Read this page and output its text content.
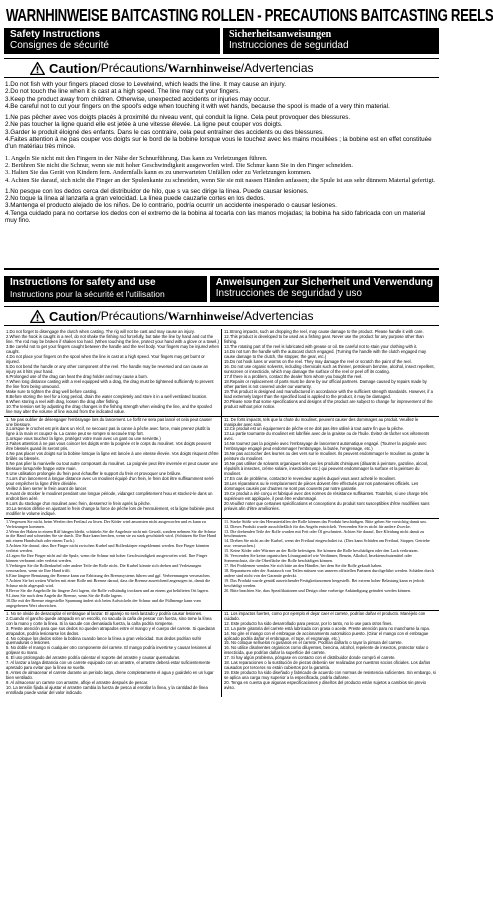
WARNHINWEISE BAITCASTING ROLLEN - PRECAUTIONS BAITCASTING REELS
Safety Instructions
Consignes de sécurité
Sicherheitsanweisungen
Instrucciones de seguridad
Caution / Précautions / Warnhinweise / Advertencias

1.Do not fish with your fingers placed close to Levelwind, which leads the line. It may cause an injury.

2.Do not touch the line when it is cast at a high speed. The line may cut your fingers.

3.Keep the product away from children. Otherwise, unexpected accidents or injuries may occur.

4.Be careful not to cut your fingers on the spool's edge when touching it with wet hands, because the spool is made of a very thin material.

1.Ne pas pêcher avec vos doigts placés à proximité du niveau vent, qui conduit la ligne. Cela peut provoquer des blessures.

2.Ne pas toucher la ligne quand elle est jetée à une vitesse élevée. La ligne peut couper vos doigts.

3.Garder le produit éloigné des enfants. Dans le cas contraire, cela peut entraîner des accidents ou des blessures.

4.Faites attention à ne pas couper vos doigts sur le bord de la bobine lorsque vous le touchez avec les mains mouillées ; la bobine est en effet constituée d'un matériau très mince.

1. Angeln Sie nicht mit den Fingern in der Nähe der Schnurführung. Das kann zu Verletzungen führen.

2. Berühren Sie nicht die Schnur, wenn sie mit hoher Geschwindigkeit ausgeworfen wird. Die Schnur kann Sie in den Finger schneiden.

3. Halten Sie das Gerät von Kindern fern. Andernfalls kann es zu unerwarteten Unfällen oder zu Verletzungen kommen.

4. Achten Sie darauf, sich nicht die Finger an der Spulenkante zu schneiden, wenn Sie sie mit nassen Händen anfassen; die Spule ist aus sehr dünnem Material gefertigt.

1.No pesque con los dedos cerca del distribuidor de hilo, que s va sec dirige la línea. Puede causar lesiones.

2.No toque la línea al lanzarla a gran velocidad. La línea puede cauzarle cortes en los dedos.

3.Mantenga el producto alejado de los niños. De lo contrario, podría ocurrir un accidente inesperado o causar lesiones.

4.Tenga cuidado para no cortarse los dedos con el extremo de la bobina al tocarla con las manos mojadas; la bobina ha sido fabricada con un material muy fino.

Instructions for safety and use
Instructions pour la sécurité et l'utilisation
Anweisungen zur Sicherheit und Verwendung
Instrucciones de seguridad y uso
Caution / Précautions / Warnhinweise / Advertencias

1.Do not forget to disengage the clutch when casting. The rig will not be cast and may cause an injury.

2.When the hook is caught in a reef, do not shake the fishing rod forcefully, but take the line by hand and cut the line. The rod may be broken if shaken too hard. (When touching the line, protect your hand with a glove or a towel.)

3.Be careful not to get your fingers caught between the handle and the reel body. Your fingers may be injured when caught.

4.Do not place your fingers on the spool when the line is cast at a high speed. Your fingers may get burnt or injured.

5.Do not bend the handle or any other component of the reel. The handle may be reversed and can cause an injury as it hits your hand.

6.Prolonged use of the drag can heat the drag holder and may cause a burn.

7.When long distance casting with a reel equipped with a drag, the drag must be tightened sufficiently to prevent the line from being unwound.

Make sure to tighten the drag well before casting.

8.Before storing the reel for a long period, drain the water completely and store it in a well ventilated location.

9.When storing a reel with drag, loosen the drag after fishing.

10.The tension set by adjusting the drag changes in the fishing strength when winding the line, and the spooled line may alter the volume of line wound from the indicated value.

11.Strong impacts, such as dropping the reel, may cause damage to the product. Please handle it with care.

12.This product is developed to be used as a fishing gear. Never use the product for any purpose other than fishing.

13.The rotating part of the reel is lubricated with grease or oil. Be careful not to stain your clothing with it.

14.Do not turn the handle with the autocast clutch engaged. (Turning the handle with the clutch engaged may cause damage to the clutch, the stopper, the gear, etc.)

15.Do not hook lures or worms on the reel. They may damage the reel or scratch the paint of the reel.

16. Do not use organic solvents, including chemicals such as thinner, petroleum benzine, alcohol, insect repellent, sunscreen or insecticide, which may damage the surface of the reel or peel off its coating.

17.If there is a problem, contact the dealer from whom you bought the reel.

18.Repairs or replacement of parts must be done by our official partners. Damage caused by repairs made by other parties is not covered under our warranty.

19.This product is designed and manufactured in accordance with the sufficient strength standards. However, if a load extremely larger than the specified load is applied to the product, it may be damaged.

20.Please note that some specifications and designs of the product are subject to change for improvement of the product without prior notice.

1. Ne pas oublier de désengager l'embrayage lors du lancement. Le forfit ne sera pas lancé et cela peut causer une blessure.

2.Lorsque le crochet est pris dans un récif, ne secouez pas la canne à pêche avec force, mais prenez plutôt la ligne à la main et coupez-la. La canne peut se rompre si secouée trop fort.

(Lorsque vous touchez la ligne, protégez votre main avec un gant ou une serviette.)

3.Faites attention à ne pas vous coincer les doigts entre la poignée et le corps du moulinet. Vos doigts peuvent être blessés quand ils seront pris.

4.Ne pas placer vos doigts sur la bobine lorsque la ligne est lancée à une vitesse élevée. Vos doigts risquent d'être brûlés ou blessés.

5.Ne pas plier la manivelle ou tout autre composant du moulinet. La poignée peut être inversée et peut causer une blessure lorsqu'elle frappe votre main.

6.Une utilisation prolongée du frein peut échauffer le support du frein et provoquer une brûlure.

7.Lors d'un lancement à longue distance avec un moulinet équipé d'un frein, le frein doit être suffisamment serré pour empêcher la ligne d'être dévidée.

Veillez à bien serrer le frein avant de lancer.

8.Avant de stocker le moulinet pendant une longue période, vidangez complètement l'eau et stockez-le dans un endroit bien aéré.

9.Lors du stockage d'un moulinet avec frein, desserrez le frein après la pêche.

10.La tension définie en ajustant le frein change la force de pêche lors de l'enroulement, et la ligne bobinée peut modifier le volume indiqué.

11. De forts impacts, tels que la chute du moulinet, peuvent causer des dommages au produit. Veuillez le manipuler avec soin.

12.Ce produit est un équipement de pêche et ne doit pas être utilisé à tout autre fin que la pêche.

13.La partie tournante du moulinet est lubrifiée avec de la graisse ou de l'huile. Évitez de tâcher vos vêtements avec.

14.Ne tournez pas la poignée avec l'embrayage de lancement automatique engagé. (Tourner la poignée avec l'embrayage engagé peut endommager l'embrayage, la butée, l'engrenage, etc.)

15.Ne pas accrocher des leurres ou des vers sur le moulinet. Ils peuvent endommager le moulinet ou gratter la peinture du moulinet.

16.Ne pas utiliser de solvants organiques tels que les produits chimiques (diluants à peinture, gazoline, alcool, répulsifs à insectes, crème solaire, insecticides etc.) qui peuvent endommager la surface et la peinture du moulinet.

17.En cas de problème, contactez le revendeur auprès duquel vous avez acheté le moulinet.

18.Les réparations ou le remplacement de pièces doivent être effectués par nos partenaires officiels. Les dommages causés par d'autres ne sont pas couverts par notre garantie.

19.Ce produit a été conçu et fabriqué avec des normes de résistance suffisantes. Toutefois, si une charge très supérieure est appliquée, il peut être endommagé.

20.Veuillez noter que certaines spécifications et conceptions du produit sont susceptibles d'être modifiées sans préavis afin d'être améliorées.

1.Vergessen Sie nicht, beim Werfen den Freilauf zu lösen. Der Köder wird ansonsten nicht ausgeworfen und es kann zu Verletzungen kommen.

2.Wenn der Haken in einem Riff hängen bleibt, schütteln Sie die Angelrute nicht mit Gewalt, sondern nehmen Sie die Schnur in die Hand und schneiden Sie sie durch. Die Rute kann brechen, wenn sie zu stark geschüttelt wird. (Schützen Sie Ihre Hand mit einem Handschuh oder einem Tuch.)

3.Achten Sie darauf, dass Ihre Finger nicht zwischen Kurbel und Rollenkörper eingeklemmt werden. Ihre Finger könnten verletzt werden.

4.Legen Sie Ihre Finger nicht auf die Spule, wenn die Schnur mit hoher Geschwindigkeit ausgeworfen wird. Ihre Finger können verbrannt oder verletzt werden.

5.Verbiegen Sie die Rollenkurbel oder andere Teile der Rolle nicht. Die Kurbel könnte sich drehen und Verletzungen verursachen, wenn sie Ihre Hand trifft.

6.Eine längere Benutzung der Bremse kann zur Erhitzung des Bremssystems führen und ggf. Verbrennungen verursachen.

7.Achten Sie bei weiten Würfen mit einer Rolle mit Bremse darauf, dass die Bremse ausreichend angezogen ist, damit die Schnur nicht abgespult wird.

8.Bevor Sie die Angelrolle für längere Zeit lagern, die Rolle vollständig trocknen und an einem gut belüfteten Ort lagern.

9.Lösen Sie nach dem Angeln die Bremse, wenn Sie die Rolle lagern.

10.Die mit der Bremse eingestellte Spannung ändert sich beim Aufwickeln der Schnur und die Füllmenge kann vom angegebenen Wert abweichen.

11. Starke Stöße wie das Herunterfallen der Rolle können das Produkt beschädigen. Bitte gehen Sie vorsichtig damit um.

12. Dieses Produkt wurde ausschließlich für das Angeln entwickelt. Verwenden Sie es nicht für andere Zwecke.

13. Die drehenden Teile der Rolle wurden mit Fett oder Öl geschmiert. Achten Sie darauf, Ihre Kleidung nicht damit zu beschmutzen.

14. Drehen Sie nicht an der Kurbel, wenn der Freilauf eingeschaltet ist. (Dies kann Schäden am Freilauf, Stopper, Getriebe usw. verursachen.)

15. Keine Köder oder Würmer an der Rolle befestigen. Sie können die Rolle beschädigen oder den Lack verkratzen.

16. Verwenden Sie keine organischen Lösungsmittel wie Verdünner, Benzin, Alkohol, Insektenschutzmittel oder Sonnenschutz, die die Oberfläche der Rolle beschädigen können.

17. Bei Problemen wenden Sie sich bitte an den Händler, bei dem Sie die Rolle gekauft haben.

18. Reparaturen oder der Austausch von Teilen müssen von unseren offiziellen Partnern durchgeführt werden. Schäden durch andere sind nicht von der Garantie gedeckt.

19. Das Produkt wurde gemäß ausreichender Festigkeitsnormen hergestellt. Bei extrem hoher Belastung kann es jedoch beschädigt werden.

20. Bitte beachten Sie, dass Spezifikationen und Design ohne vorherige Ankündigung geändert werden können.

1. No se olvide de desacoplar el embrague al lanzar. El aparejo no será lanzado y podría causar lesiones.

2.Cuando el gancho quede atrapado en un escollo, no sacuda la caña de pescar con fuerza, sino tome la línea con la mano y corte la línea. Si la sacude con demasiada fuerza, la caña podría romperse.

3. Preste atención para que sus dedos no queden atrapados entre el mango y el cuerpo del carrete. Si quedaran atrapados, podría lesionarse los dedos.

4. No coloque los dedos sobre la bobina cuando lance la línea a gran velocidad. Sus dedos podrían sufrir quemaduras o lesiones.

5. No doble el mango ni cualquier otro componente del carrete. El mango podría invertirse y causar lesiones al golpear su mano.

6. El uso prolongado del arrastre podría calentar el soporte del arrastre y causar quemaduras.

7. Al lanzar a larga distancia con un carrete equipado con un arrastre, el arrastre deberá estar suficientemente apretado para evitar que la línea se suelte.

8. Antes de almacenar el carrete durante un periodo largo, drene completamente el agua y guárdelo en un lugar bien ventilado.

9. Al almacenar un carrete con arrastre, afloje el arrastre después de pescar.

10. La tensión fijada al ajustar el arrastre cambia la fuerza de pesca al enrollar la línea, y la cantidad de línea enrollada puede variar del valor indicado.

11. Los impactos fuertes, como por ejemplo el dejar caer el carrete, podrían dañar el producto. Manéjelo con cuidado.

12. Este producto ha sido desarrollado para pescar, por lo tanto, no lo use para otros fines.

13. La parte giratoria del carrete está lubricada con grasa o aceite. Preste atención para no mancharse la ropa.

14. No gire el mango con el embrague de accionamiento automático puesto. (Girar el mango con el embrague aplicado podría dañar el embrague, el tope, el engranaje, etc.)

15. No coloque señuelos ni gusanos en el carrete. Podrían dañarlo o rayar la pintura del carrete.

16. No utilice disolventes orgánicos como diluyentes, bencina, alcohol, repelente de insectos, protector solar o insecticida, que podrían dañar la superficie del carrete.

17. Si hay algún problema, póngase en contacto con el distribuidor donde compró el carrete.

18. Las reparaciones o la sustitución de piezas deberán ser realizadas por nuestros socios oficiales. Los daños causados por terceros no están cubiertos por la garantía.

19. Este producto ha sido diseñado y fabricado de acuerdo con normas de resistencia suficientes. Sin embargo, si se aplica una carga muy superior a la especificada, podría dañarse.

20. Tenga en cuenta que algunas especificaciones y diseños del producto están sujetos a cambios sin previo aviso.
